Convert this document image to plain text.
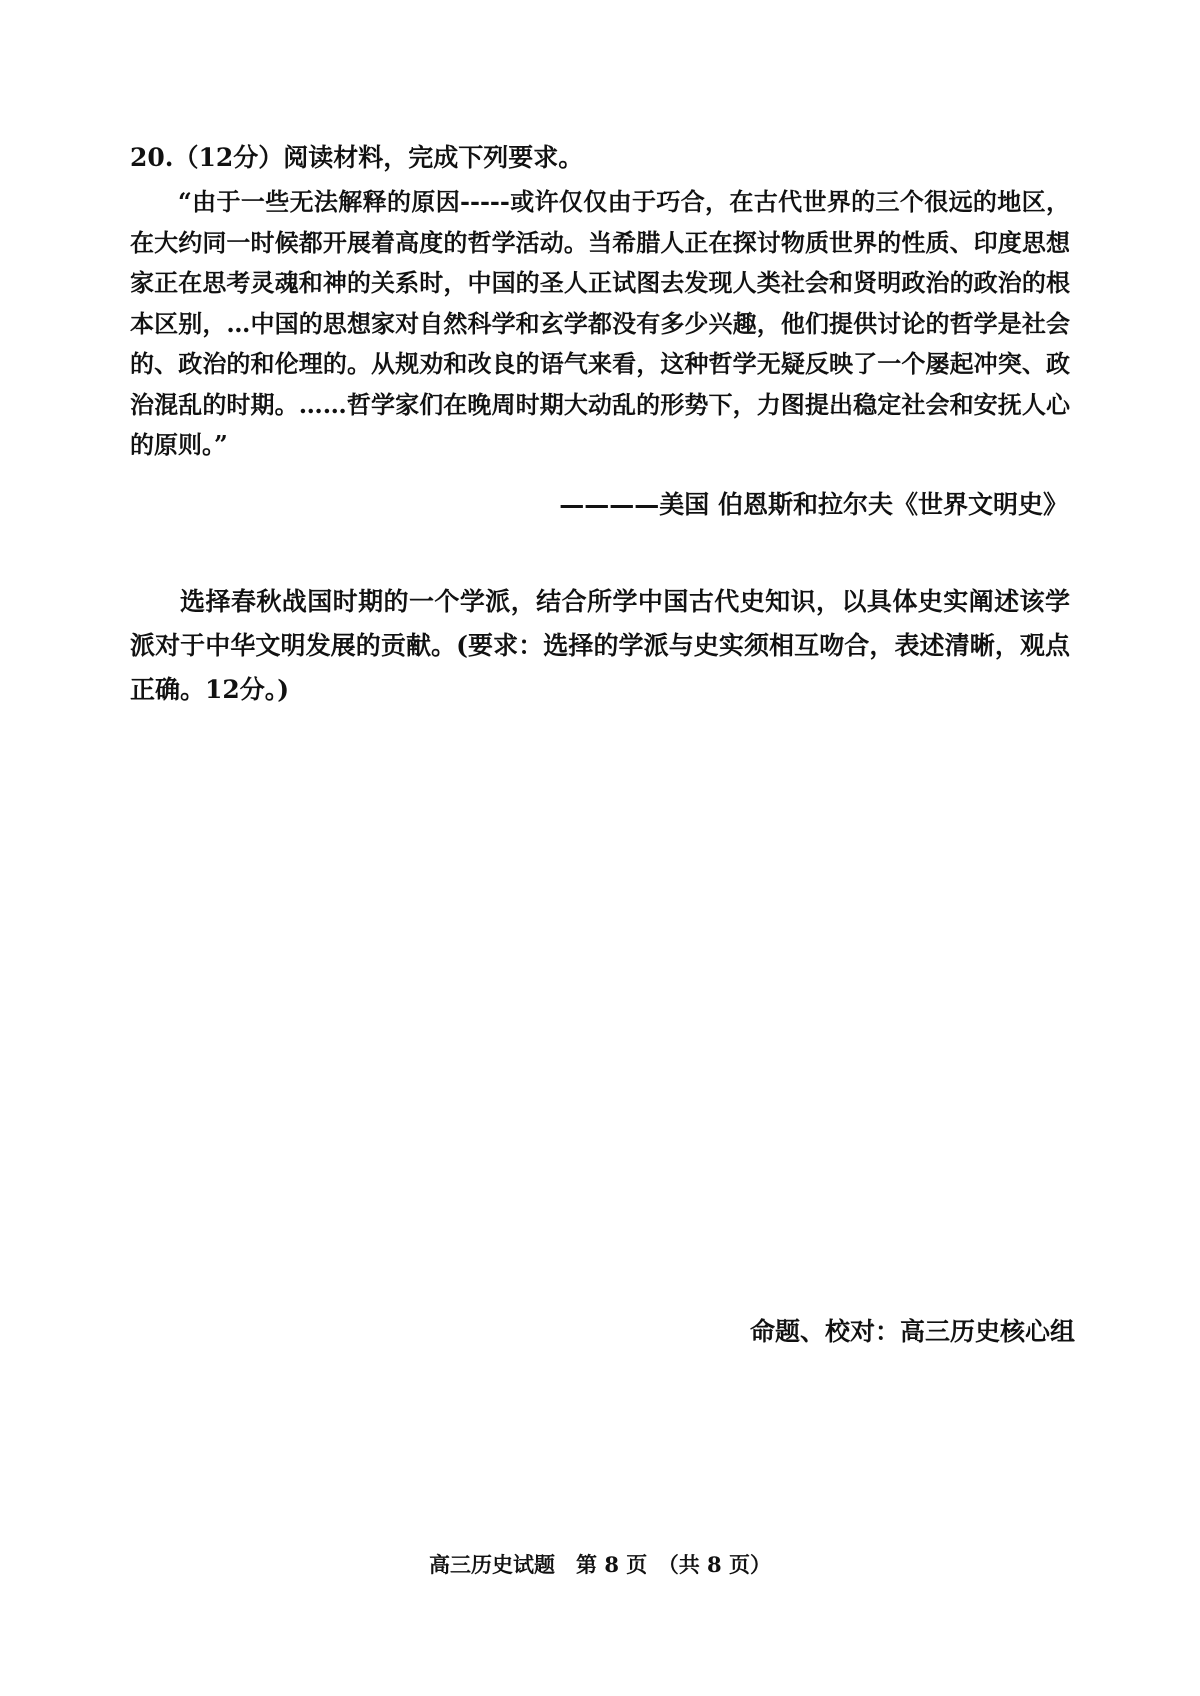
20.（12分）阅读材料，完成下列要求。

“由于一些无法解释的原因-----或许仅仅由于巧合，在古代世界的三个很远的地区，在大约同一时候都开展着高度的哲学活动。当希腊人正在探讨物质世界的性质、印度思想家正在思考灵魂和神的关系时，中国的圣人正试图去发现人类社会和贤明政治的政治的根本区别，…中国的思想家对自然科学和玄学都没有多少兴趣，他们提供讨论的哲学是社会的、政治的和伦理的。从规劝和改良的语气来看，这种哲学无疑反映了一个屡起冲突、政治混乱的时期。……哲学家们在晚周时期大动乱的形势下，力图提出稳定社会和安抚人心的原则。”

————美国 伯恩斯和拉尔夫《世界文明史》

选择春秋战国时期的一个学派，结合所学中国古代史知识，以具体史实阐述该学派对于中华文明发展的贡献。(要求：选择的学派与史实须相互吻合，表述清晰，观点正确。12分。)

命题、校对：高三历史核心组
高三历史试题　第 8 页　（共 8 页）
